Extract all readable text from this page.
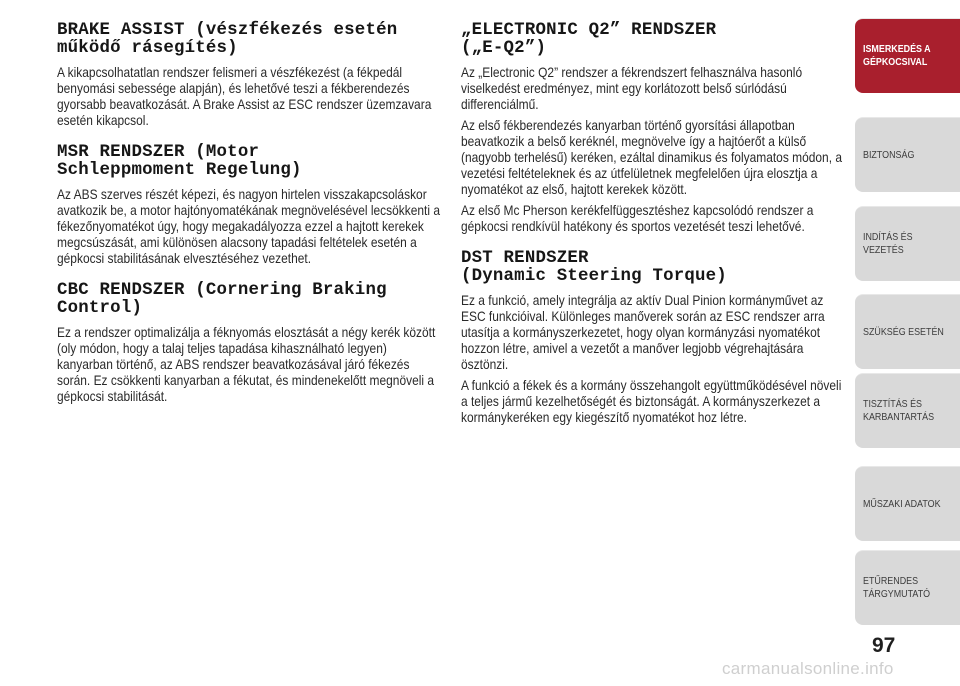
BRAKE ASSIST (vészfékezés esetén
működő rásegítés)

A kikapcsolhatatlan rendszer felismeri a vészfékezést (a fékpedál benyomási sebessége alapján), és lehetővé teszi a fékberendezés gyorsabb beavatkozását. A Brake Assist az ESC rendszer üzemzavara esetén kikapcsol.

MSR RENDSZER (Motor
Schleppmoment Regelung)

Az ABS szerves részét képezi, és nagyon hirtelen visszakapcsoláskor avatkozik be, a motor hajtónyomatékának megnövelésével lecsökkenti a fékezőnyomatékot úgy, hogy megakadályozza ezzel a hajtott kerekek megcsúszását, ami különösen alacsony tapadási feltételek esetén a gépkocsi stabilitásának elvesztéséhez vezethet.

CBC RENDSZER (Cornering Braking
Control)

Ez a rendszer optimalizálja a féknyomás elosztását a négy kerék között (oly módon, hogy a talaj teljes tapadása kihasználható legyen) kanyarban történő, az ABS rendszer beavatkozásával járó fékezés során. Ez csökkenti kanyarban a fékutat, és mindenekelőtt megnöveli a gépkocsi stabilitását.

„ELECTRONIC Q2” RENDSZER
(„E-Q2”)

Az „Electronic Q2” rendszer a fékrendszert felhasználva hasonló viselkedést eredményez, mint egy korlátozott belső súrlódású differenciálmű.

Az első fékberendezés kanyarban történő gyorsítási állapotban beavatkozik a belső keréknél, megnövelve így a hajtóerőt a külső (nagyobb terhelésű) keréken, ezáltal dinamikus és folyamatos módon, a vezetési feltételeknek és az útfelületnek megfelelően újra elosztja a nyomatékot az első, hajtott kerekek között.

Az első Mc Pherson kerékfelfüggesztéshez kapcsolódó rendszer a gépkocsi rendkívül hatékony és sportos vezetését teszi lehetővé.

DST RENDSZER
(Dynamic Steering Torque)

Ez a funkció, amely integrálja az aktív Dual Pinion kormányművet az ESC funkcióival. Különleges manőverek során az ESC rendszer arra utasítja a kormányszerkezetet, hogy olyan kormányzási nyomatékot hozzon létre, amivel a vezetőt a manőver legjobb végrehajtására ösztönzi.

A funkció a fékek és a kormány összehangolt együttműködésével növeli a teljes jármű kezelhetőségét és biztonságát. A kormányszerkezet a kormánykeréken egy kiegészítő nyomatékot hoz létre.

ISMERKEDÉS A
GÉPKOCSIVAL
BIZTONSÁG
INDÍTÁS ÉS VEZETÉS
SZÜKSÉG ESETÉN
TISZTÍTÁS ÉS
KARBANTARTÁS
MŰSZAKI ADATOK
ETŰRENDES
TÁRGYMUTATÓ
97
carmanualsonline.info
